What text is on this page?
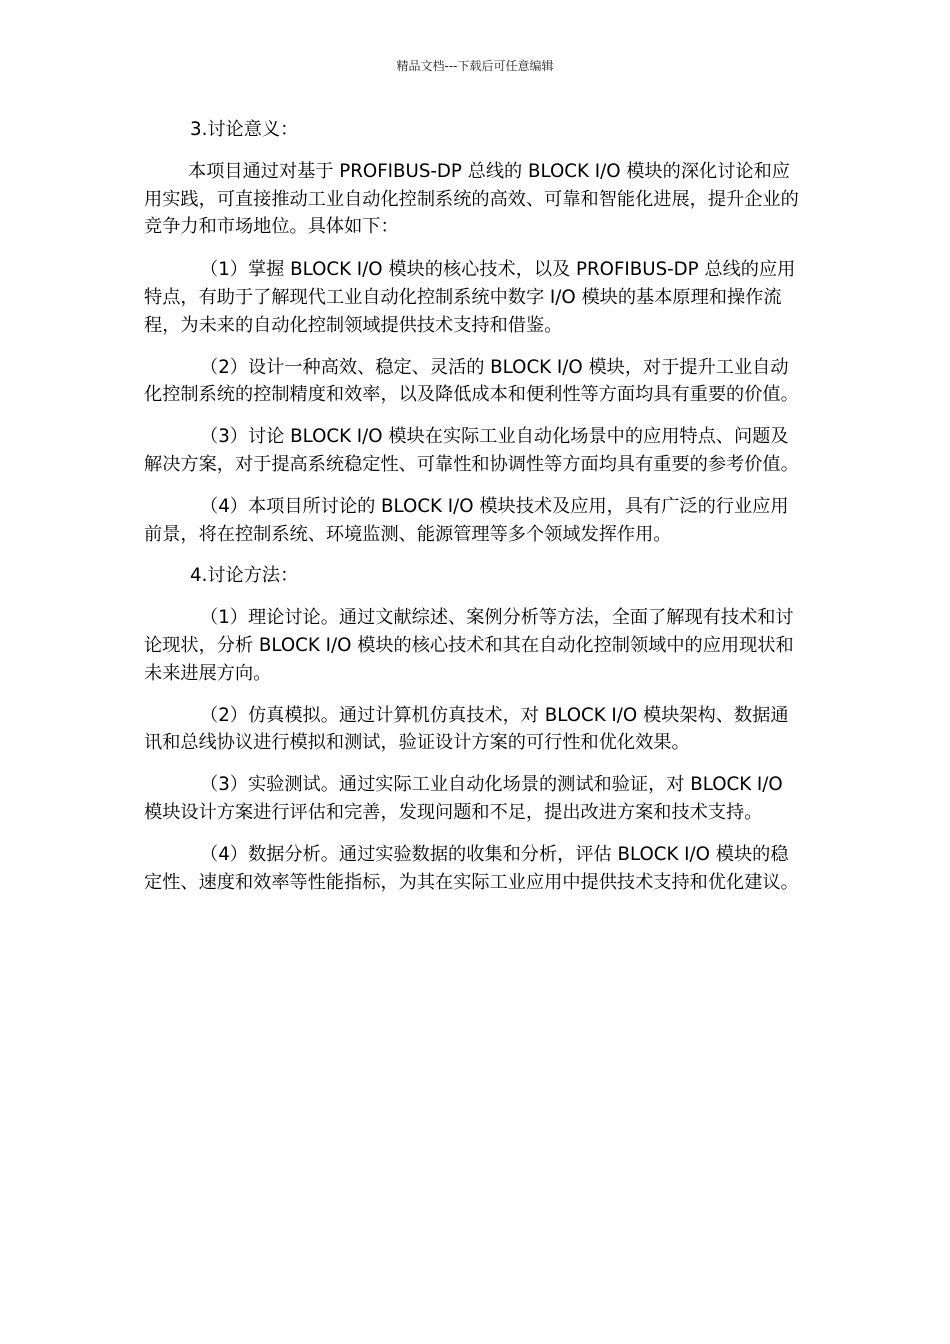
精品文档---下载后可任意编辑

3.讨论意义：

本项目通过对基于 PROFIBUS-DP 总线的 BLOCK I/O 模块的深化讨论和应用实践，可直接推动工业自动化控制系统的高效、可靠和智能化进展，提升企业的竞争力和市场地位。具体如下：

（1）掌握 BLOCK I/O 模块的核心技术，以及 PROFIBUS-DP 总线的应用特点，有助于了解现代工业自动化控制系统中数字 I/O 模块的基本原理和操作流程，为未来的自动化控制领域提供技术支持和借鉴。

（2）设计一种高效、稳定、灵活的 BLOCK I/O 模块，对于提升工业自动化控制系统的控制精度和效率，以及降低成本和便利性等方面均具有重要的价值。

（3）讨论 BLOCK I/O 模块在实际工业自动化场景中的应用特点、问题及解决方案，对于提高系统稳定性、可靠性和协调性等方面均具有重要的参考价值。

（4）本项目所讨论的 BLOCK I/O 模块技术及应用，具有广泛的行业应用前景，将在控制系统、环境监测、能源管理等多个领域发挥作用。

4.讨论方法：

（1）理论讨论。通过文献综述、案例分析等方法，全面了解现有技术和讨论现状，分析 BLOCK I/O 模块的核心技术和其在自动化控制领域中的应用现状和未来进展方向。

（2）仿真模拟。通过计算机仿真技术，对 BLOCK I/O 模块架构、数据通讯和总线协议进行模拟和测试，验证设计方案的可行性和优化效果。

（3）实验测试。通过实际工业自动化场景的测试和验证，对 BLOCK I/O 模块设计方案进行评估和完善，发现问题和不足，提出改进方案和技术支持。

（4）数据分析。通过实验数据的收集和分析，评估 BLOCK I/O 模块的稳定性、速度和效率等性能指标，为其在实际工业应用中提供技术支持和优化建议。
